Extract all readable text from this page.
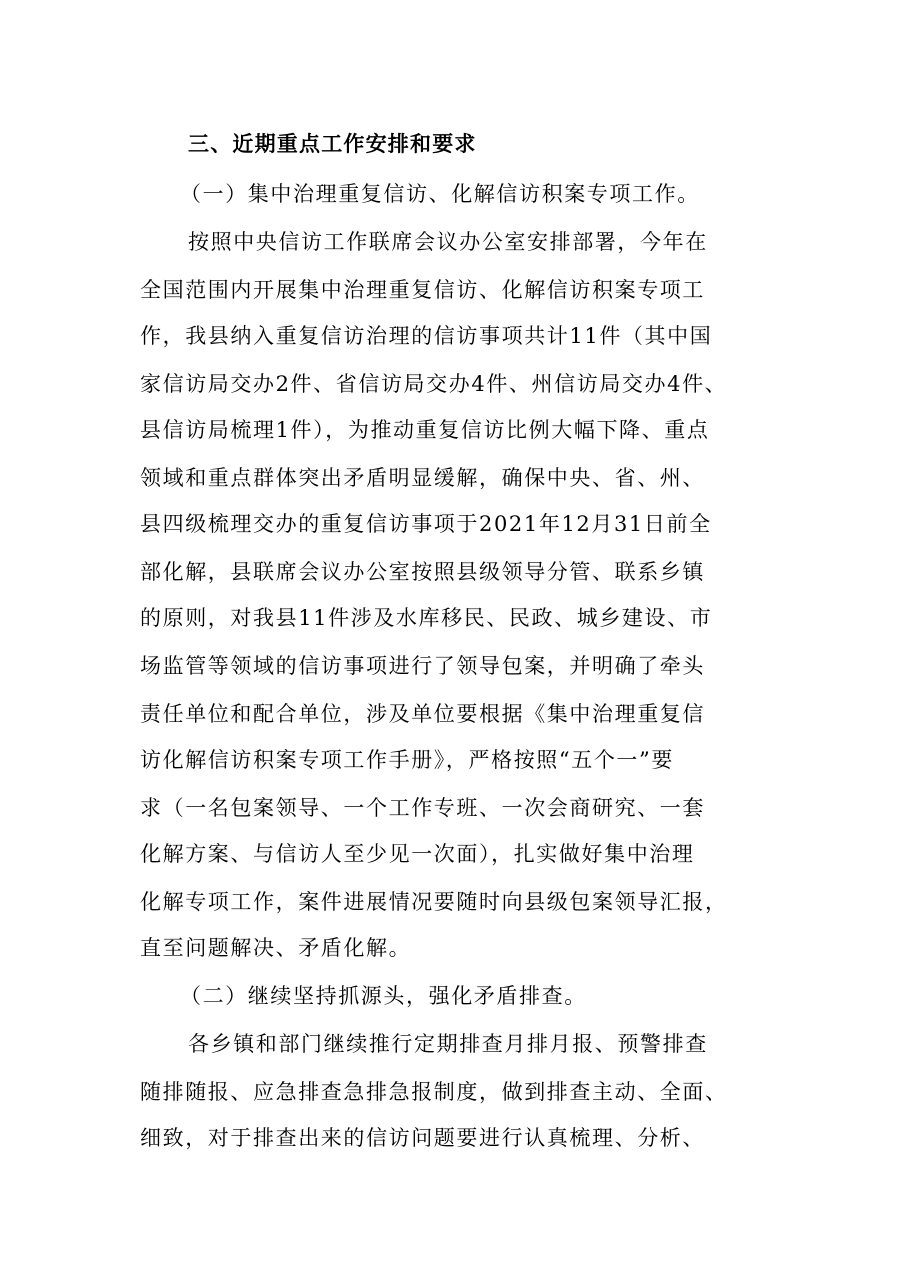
三、近期重点工作安排和要求
（一）集中治理重复信访、化解信访积案专项工作。
按照中央信访工作联席会议办公室安排部署，今年在
全国范围内开展集中治理重复信访、化解信访积案专项工
作，我县纳入重复信访治理的信访事项共计11件（其中国
家信访局交办2件、省信访局交办4件、州信访局交办4件、
县信访局梳理1件），为推动重复信访比例大幅下降、重点
领域和重点群体突出矛盾明显缓解，确保中央、省、州、
县四级梳理交办的重复信访事项于2021年12月31日前全
部化解，县联席会议办公室按照县级领导分管、联系乡镇
的原则，对我县11件涉及水库移民、民政、城乡建设、市
场监管等领域的信访事项进行了领导包案，并明确了牵头
责任单位和配合单位，涉及单位要根据《集中治理重复信
访化解信访积案专项工作手册》，严格按照“五个一”要
求（一名包案领导、一个工作专班、一次会商研究、一套
化解方案、与信访人至少见一次面），扎实做好集中治理
化解专项工作，案件进展情况要随时向县级包案领导汇报，
直至问题解决、矛盾化解。
（二）继续坚持抓源头，强化矛盾排查。
各乡镇和部门继续推行定期排查月排月报、预警排查
随排随报、应急排查急排急报制度，做到排查主动、全面、
细致，对于排查出来的信访问题要进行认真梳理、分析、
